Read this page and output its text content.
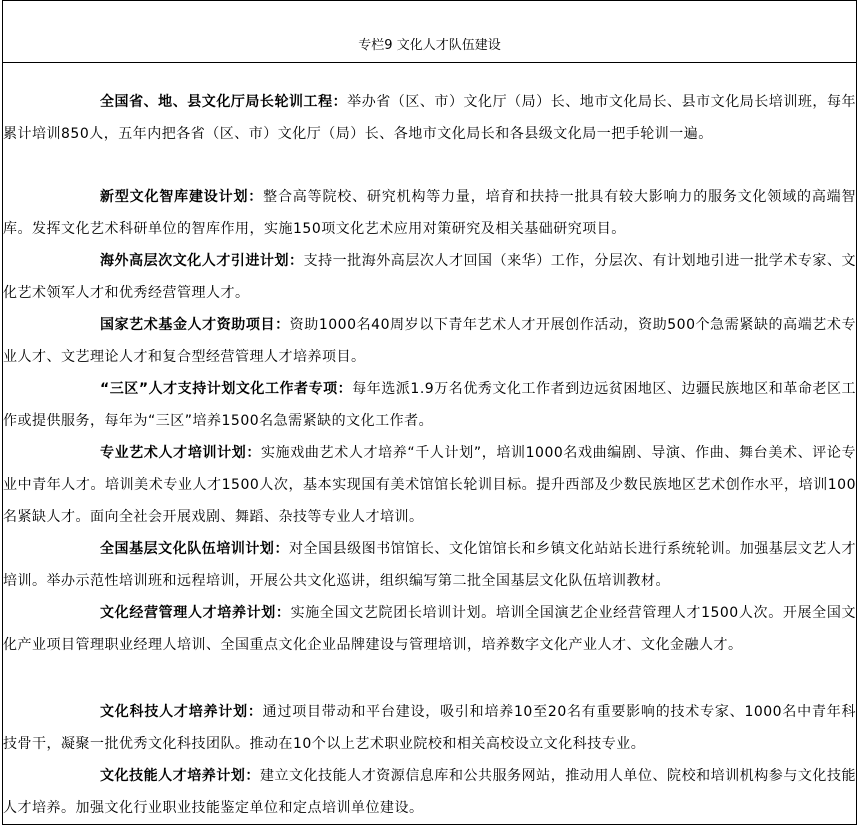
专栏9 文化人才队伍建设

全国省、地、县文化厅局长轮训工程：举办省（区、市）文化厅（局）长、地市文化局长、县市文化局长培训班，每年累计培训850人，五年内把各省（区、市）文化厅（局）长、各地市文化局长和各县级文化局一把手轮训一遍。

新型文化智库建设计划：整合高等院校、研究机构等力量，培育和扶持一批具有较大影响力的服务文化领域的高端智库。发挥文化艺术科研单位的智库作用，实施150项文化艺术应用对策研究及相关基础研究项目。

海外高层次文化人才引进计划：支持一批海外高层次人才回国（来华）工作，分层次、有计划地引进一批学术专家、文化艺术领军人才和优秀经营管理人才。

国家艺术基金人才资助项目：资助1000名40周岁以下青年艺术人才开展创作活动，资助500个急需紧缺的高端艺术专业人才、文艺理论人才和复合型经营管理人才培养项目。

“三区”人才支持计划文化工作者专项：每年选派1.9万名优秀文化工作者到边远贫困地区、边疆民族地区和革命老区工作或提供服务，每年为“三区”培养1500名急需紧缺的文化工作者。

专业艺术人才培训计划：实施戏曲艺术人才培养“千人计划”，培训1000名戏曲编剧、导演、作曲、舞台美术、评论专业中青年人才。培训美术专业人才1500人次，基本实现国有美术馆馆长轮训目标。提升西部及少数民族地区艺术创作水平，培训100名紧缺人才。面向全社会开展戏剧、舞蹈、杂技等专业人才培训。

全国基层文化队伍培训计划：对全国县级图书馆馆长、文化馆馆长和乡镇文化站站长进行系统轮训。加强基层文艺人才培训。举办示范性培训班和远程培训，开展公共文化巡讲，组织编写第二批全国基层文化队伍培训教材。

文化经营管理人才培养计划：实施全国文艺院团长培训计划。培训全国演艺企业经营管理人才1500人次。开展全国文化产业项目管理职业经理人培训、全国重点文化企业品牌建设与管理培训，培养数字文化产业人才、文化金融人才。

文化科技人才培养计划：通过项目带动和平台建设，吸引和培养10至20名有重要影响的技术专家、1000名中青年科技骨干，凝聚一批优秀文化科技团队。推动在10个以上艺术职业院校和相关高校设立文化科技专业。

文化技能人才培养计划：建立文化技能人才资源信息库和公共服务网站，推动用人单位、院校和培训机构参与文化技能人才培养。加强文化行业职业技能鉴定单位和定点培训单位建设。
